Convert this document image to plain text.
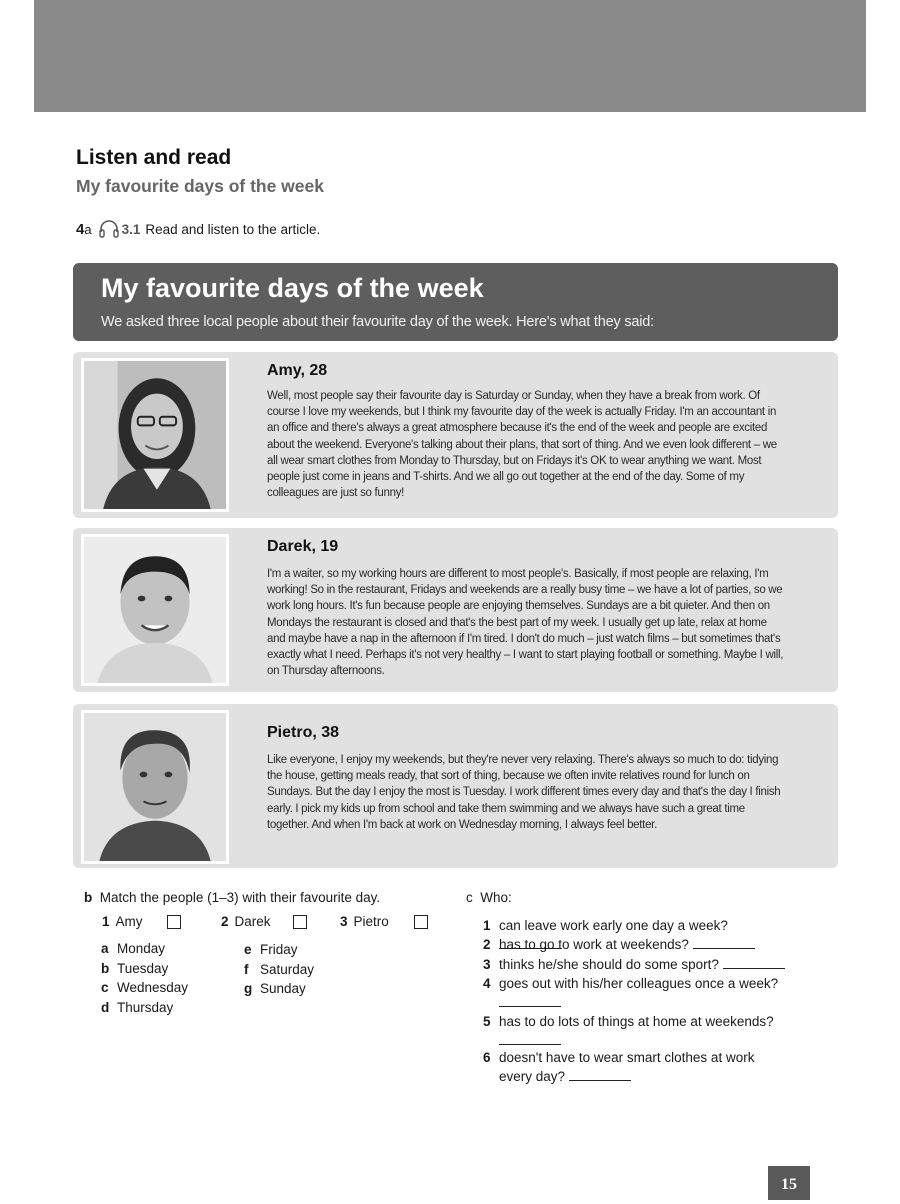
Listen and read
My favourite days of the week
4a 3.1 Read and listen to the article.
My favourite days of the week
We asked three local people about their favourite day of the week. Here's what they said:
Amy, 28
Well, most people say their favourite day is Saturday or Sunday, when they have a break from work. Of course I love my weekends, but I think my favourite day of the week is actually Friday. I'm an accountant in an office and there's always a great atmosphere because it's the end of the week and people are excited about the weekend. Everyone's talking about their plans, that sort of thing. And we even look different – we all wear smart clothes from Monday to Thursday, but on Fridays it's OK to wear anything we want. Most people just come in jeans and T-shirts. And we all go out together at the end of the day. Some of my colleagues are just so funny!
Darek, 19
I'm a waiter, so my working hours are different to most people's. Basically, if most people are relaxing, I'm working! So in the restaurant, Fridays and weekends are a really busy time – we have a lot of parties, so we work long hours. It's fun because people are enjoying themselves. Sundays are a bit quieter. And then on Mondays the restaurant is closed and that's the best part of my week. I usually get up late, relax at home and maybe have a nap in the afternoon if I'm tired. I don't do much – just watch films – but sometimes that's exactly what I need. Perhaps it's not very healthy – I want to start playing football or something. Maybe I will, on Thursday afternoons.
Pietro, 38
Like everyone, I enjoy my weekends, but they're never very relaxing. There's always so much to do: tidying the house, getting meals ready, that sort of thing, because we often invite relatives round for lunch on Sundays. But the day I enjoy the most is Tuesday. I work different times every day and that's the day I finish early. I pick my kids up from school and take them swimming and we always have such a great time together. And when I'm back at work on Wednesday morning, I always feel better.
b Match the people (1–3) with their favourite day.
1 Amy	2 Darek	3 Pietro
a Monday
b Tuesday
c Wednesday
d Thursday
e Friday
f Saturday
g Sunday
c Who:
1 can leave work early one day a week?
2 has to go to work at weekends?
3 thinks he/she should do some sport?
4 goes out with his/her colleagues once a week?

5 has to do lots of things at home at weekends?

6 doesn't have to wear smart clothes at work every day?
15
